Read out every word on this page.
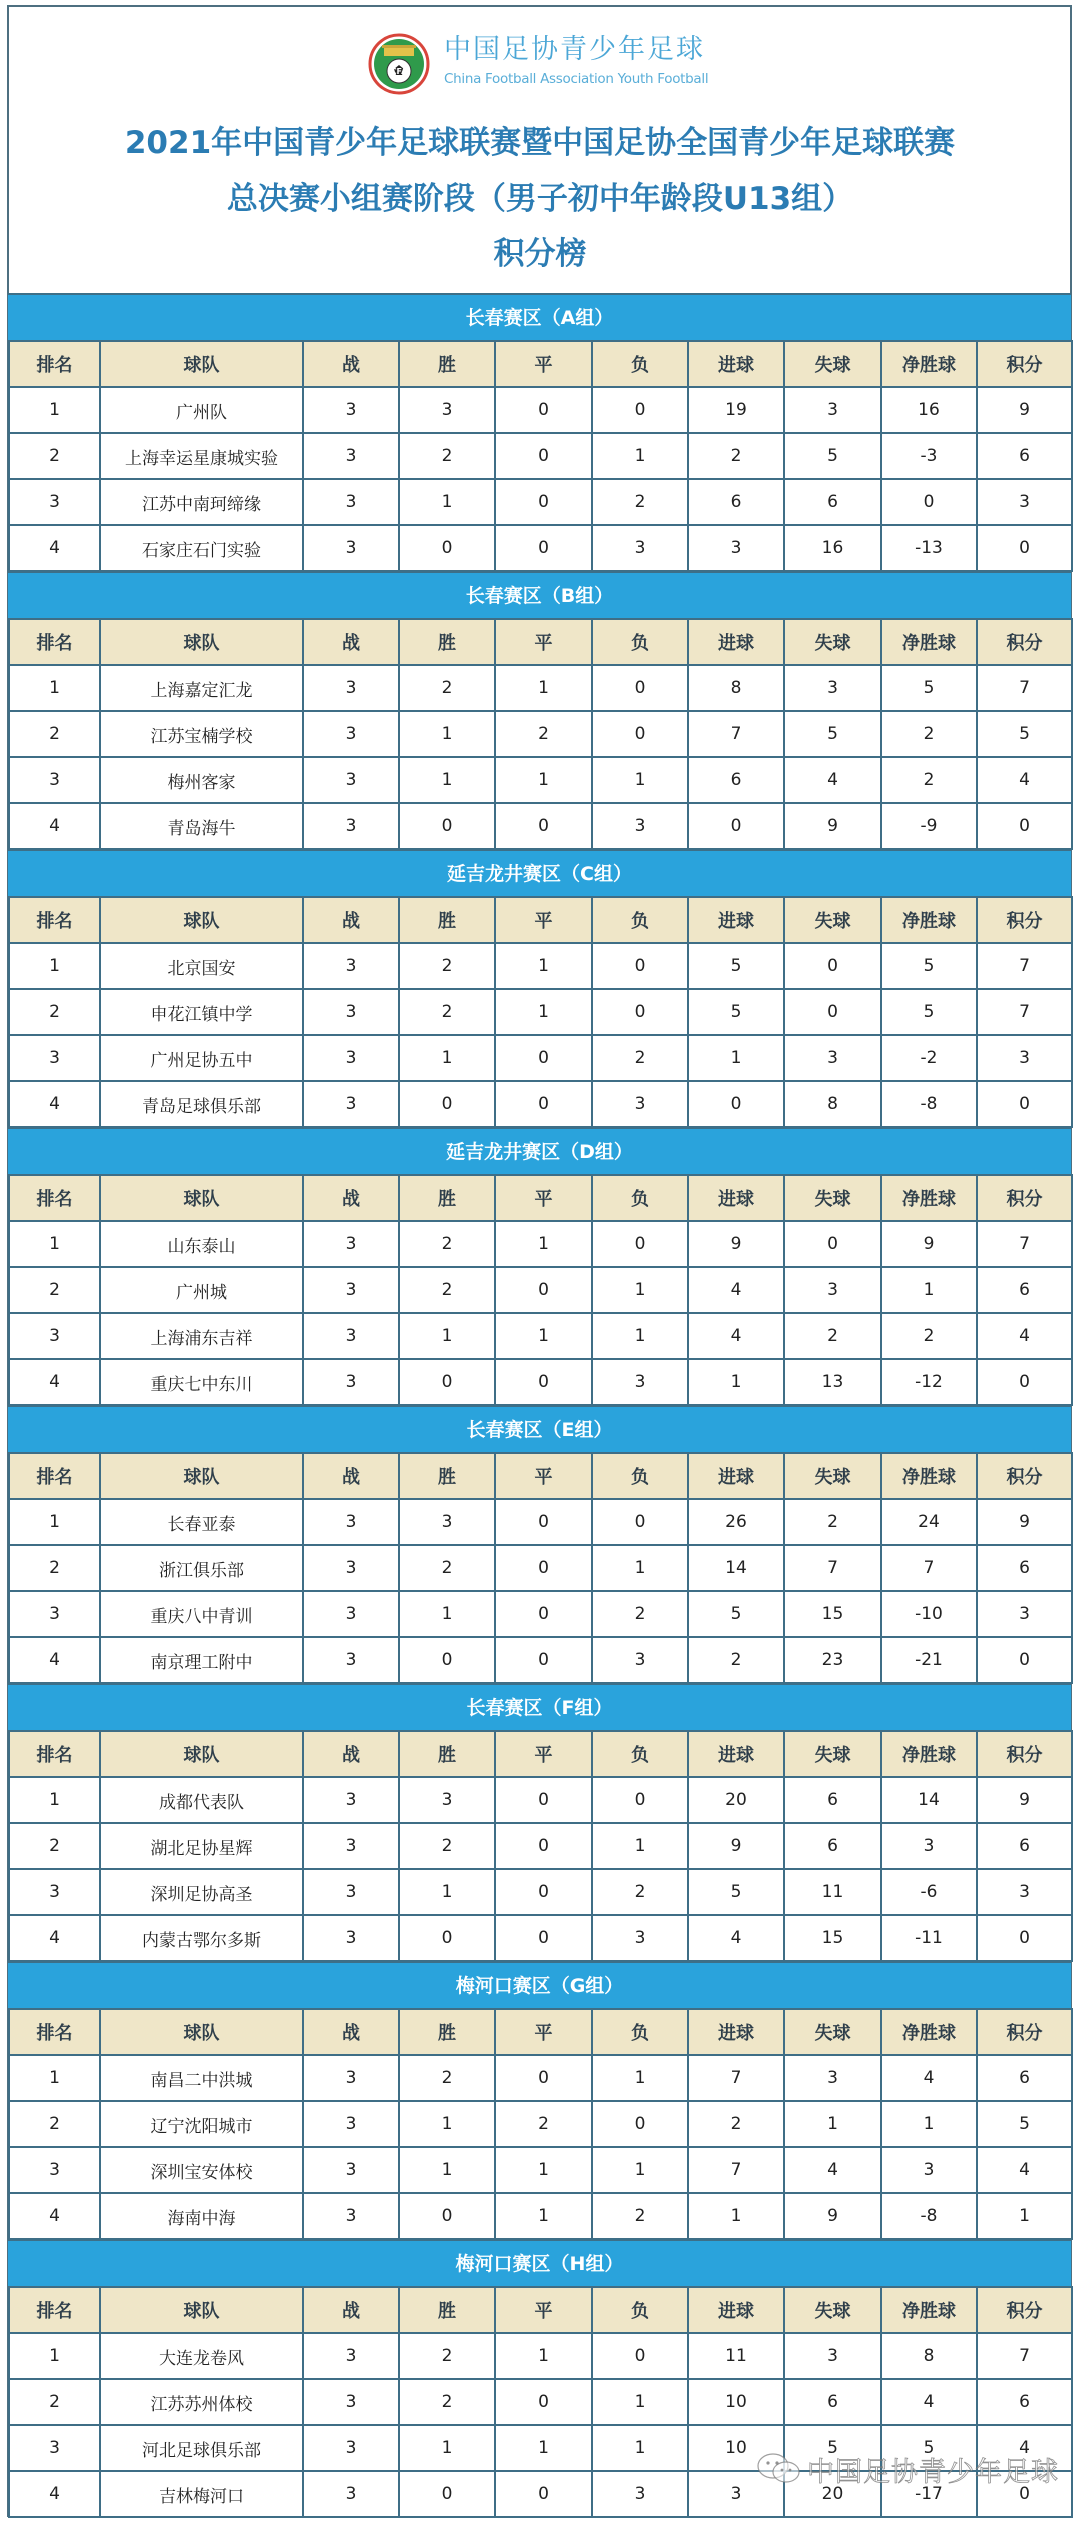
CFA
中国足协青少年足球
China Football Association Youth Football
2021年中国青少年足球联赛暨中国足协全国青少年足球联赛
总决赛小组赛阶段（男子初中年龄段U13组）
积分榜
长春赛区（A组）
排名	球队	战	胜	平	负	进球	失球	净胜球	积分
1	广州队	3	3	0	0	19	3	16	9
2	上海幸运星康城实验	3	2	0	1	2	5	-3	6
3	江苏中南珂缔缘	3	1	0	2	6	6	0	3
4	石家庄石门实验	3	0	0	3	3	16	-13	0
长春赛区（B组）
排名	球队	战	胜	平	负	进球	失球	净胜球	积分
1	上海嘉定汇龙	3	2	1	0	8	3	5	7
2	江苏宝楠学校	3	1	2	0	7	5	2	5
3	梅州客家	3	1	1	1	6	4	2	4
4	青岛海牛	3	0	0	3	0	9	-9	0
延吉龙井赛区（C组）
排名	球队	战	胜	平	负	进球	失球	净胜球	积分
1	北京国安	3	2	1	0	5	0	5	7
2	申花江镇中学	3	2	1	0	5	0	5	7
3	广州足协五中	3	1	0	2	1	3	-2	3
4	青岛足球俱乐部	3	0	0	3	0	8	-8	0
延吉龙井赛区（D组）
排名	球队	战	胜	平	负	进球	失球	净胜球	积分
1	山东泰山	3	2	1	0	9	0	9	7
2	广州城	3	2	0	1	4	3	1	6
3	上海浦东吉祥	3	1	1	1	4	2	2	4
4	重庆七中东川	3	0	0	3	1	13	-12	0
长春赛区（E组）
排名	球队	战	胜	平	负	进球	失球	净胜球	积分
1	长春亚泰	3	3	0	0	26	2	24	9
2	浙江俱乐部	3	2	0	1	14	7	7	6
3	重庆八中青训	3	1	0	2	5	15	-10	3
4	南京理工附中	3	0	0	3	2	23	-21	0
长春赛区（F组）
排名	球队	战	胜	平	负	进球	失球	净胜球	积分
1	成都代表队	3	3	0	0	20	6	14	9
2	湖北足协星辉	3	2	0	1	9	6	3	6
3	深圳足协高圣	3	1	0	2	5	11	-6	3
4	内蒙古鄂尔多斯	3	0	0	3	4	15	-11	0
梅河口赛区（G组）
排名	球队	战	胜	平	负	进球	失球	净胜球	积分
1	南昌二中洪城	3	2	0	1	7	3	4	6
2	辽宁沈阳城市	3	1	2	0	2	1	1	5
3	深圳宝安体校	3	1	1	1	7	4	3	4
4	海南中海	3	0	1	2	1	9	-8	1
梅河口赛区（H组）
排名	球队	战	胜	平	负	进球	失球	净胜球	积分
1	大连龙卷风	3	2	1	0	11	3	8	7
2	江苏苏州体校	3	2	0	1	10	6	4	6
3	河北足球俱乐部	3	1	1	1	10	5	5	4
4	吉林梅河口	3	0	0	3	3	20	-17	0
中国足协青少年足球
